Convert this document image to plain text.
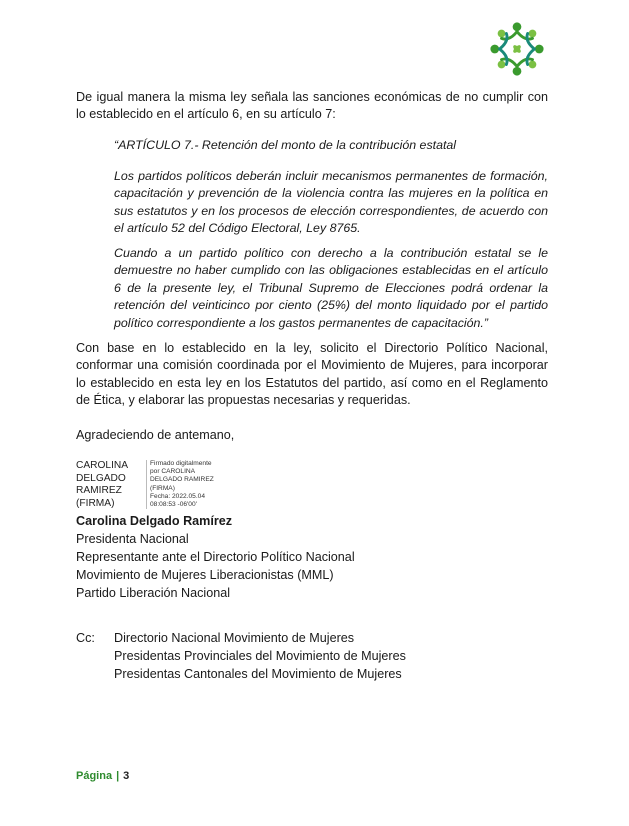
De igual manera la misma ley señala las sanciones económicas de no cumplir con lo establecido en el artículo 6, en su artículo 7:

“ARTÍCULO 7.- Retención del monto de la contribución estatal

Los partidos políticos deberán incluir mecanismos permanentes de formación, capacitación y prevención de la violencia contra las mujeres en la política en sus estatutos y en los procesos de elección correspondientes, de acuerdo con el artículo 52 del Código Electoral, Ley 8765.

Cuando a un partido político con derecho a la contribución estatal se le demuestre no haber cumplido con las obligaciones establecidas en el artículo 6 de la presente ley, el Tribunal Supremo de Elecciones podrá ordenar la retención del veinticinco por ciento (25%) del monto liquidado por el partido político correspondiente a los gastos permanentes de capacitación.”

Con base en lo establecido en la ley, solicito el Directorio Político Nacional, conformar una comisión coordinada por el Movimiento de Mujeres, para incorporar lo establecido en esta ley en los Estatutos del partido, así como en el Reglamento de Ética, y elaborar las propuestas necesarias y requeridas.

Agradeciendo de antemano,

CAROLINA
DELGADO
RAMIREZ
(FIRMA)
Firmado digitalmente
por CAROLINA
DELGADO RAMIREZ
(FIRMA)
Fecha: 2022.05.04
08:08:53 -06'00'
Carolina Delgado Ramírez
Presidenta Nacional
Representante ante el Directorio Político Nacional
Movimiento de Mujeres Liberacionistas (MML)
Partido Liberación Nacional
Cc: Directorio Nacional Movimiento de Mujeres
Presidentas Provinciales del Movimiento de Mujeres
Presidentas Cantonales del Movimiento de Mujeres
Página | 3
